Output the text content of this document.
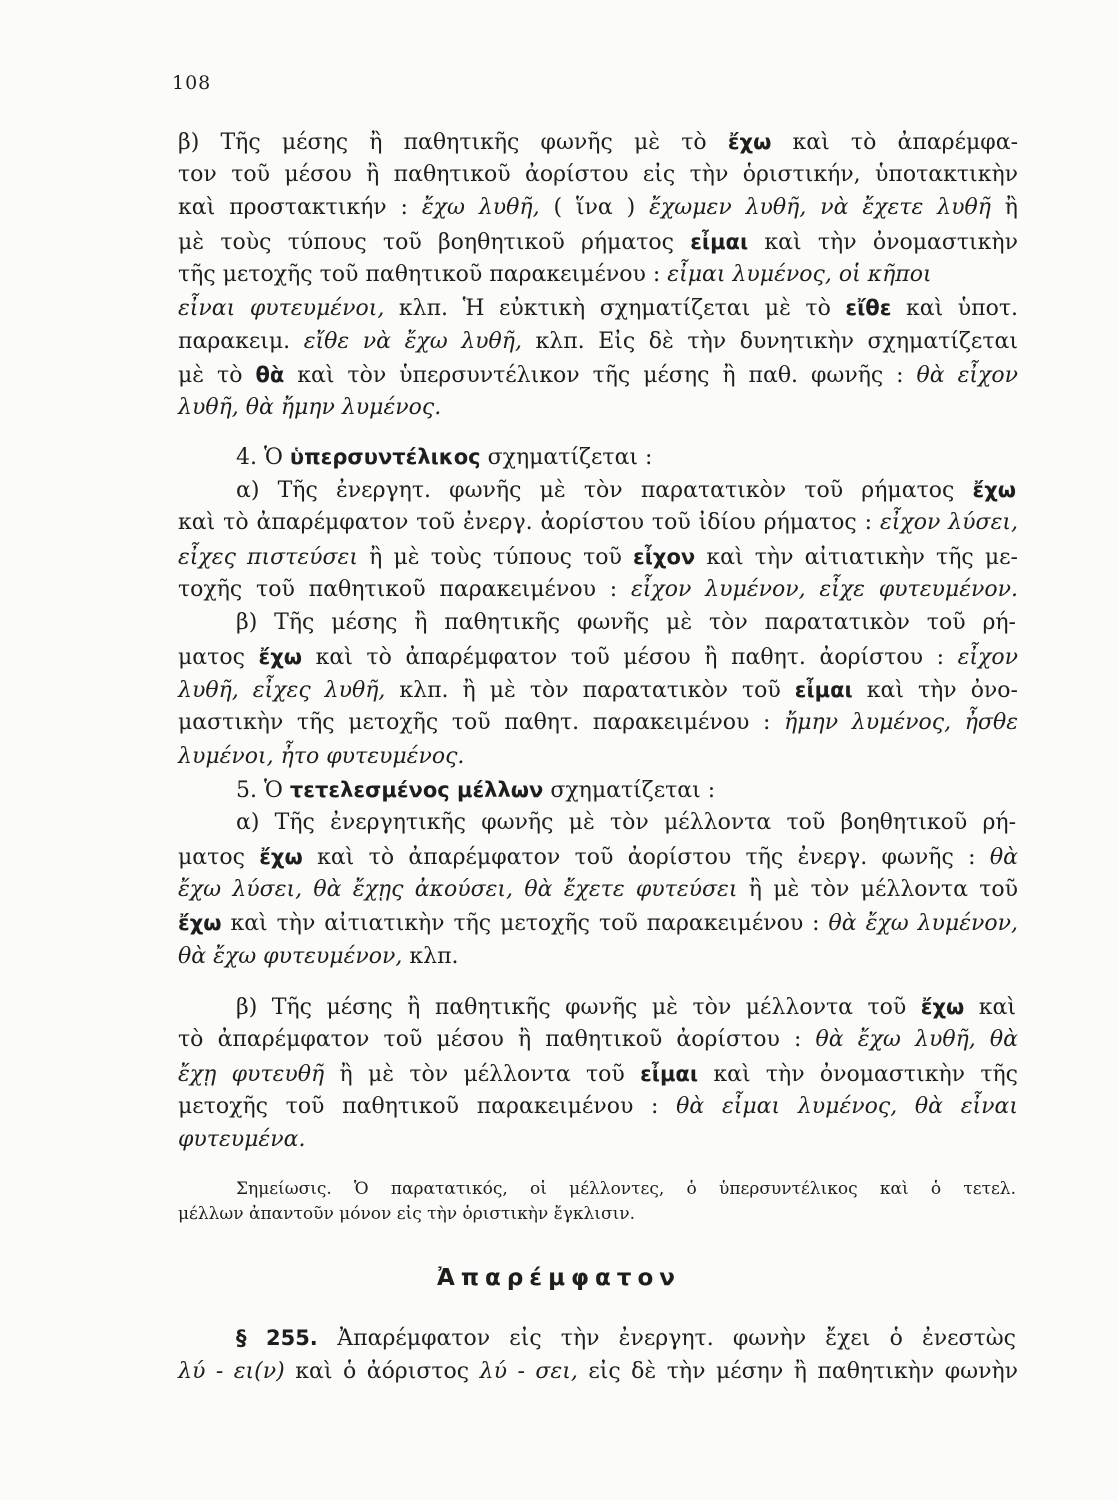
108
β) Τῆς μέσης ἢ παθητικῆς φωνῆς μὲ τὸ ἔχω καὶ τὸ ἀπαρέμφα-
τον τοῦ μέσου ἢ παθητικοῦ ἀορίστου εἰς τὴν ὁριστικήν, ὑποτακτικὴν
καὶ προστακτικήν : ἔχω λυθῆ, ( ἵνα ) ἔχωμεν λυθῆ, νὰ ἔχετε λυθῆ ἢ
μὲ τοὺς τύπους τοῦ βοηθητικοῦ ρήματος εἶμαι καὶ τὴν ὀνομαστικὴν
τῆς μετοχῆς τοῦ παθητικοῦ παρακειμένου : εἶμαι λυμένος, οἱ κῆποι
εἶναι φυτευμένοι, κλπ. Ἡ εὐκτικὴ σχηματίζεται μὲ τὸ εἴθε καὶ ὑποτ.
παρακειμ. εἴθε νὰ ἔχω λυθῆ, κλπ. Εἰς δὲ τὴν δυνητικὴν σχηματίζεται
μὲ τὸ θὰ καὶ τὸν ὑπερσυντέλικον τῆς μέσης ἢ παθ. φωνῆς : θὰ εἶχον
λυθῆ, θὰ ἤμην λυμένος.
4. Ὁ ὑπερσυντέλικος σχηματίζεται :
α) Τῆς ἐνεργητ. φωνῆς μὲ τὸν παρατατικὸν τοῦ ρήματος ἔχω
καὶ τὸ ἀπαρέμφατον τοῦ ἐνεργ. ἀορίστου τοῦ ἰδίου ρήματος : εἶχον λύσει,
εἶχες πιστεύσει ἢ μὲ τοὺς τύπους τοῦ εἶχον καὶ τὴν αἰτιατικὴν τῆς με-
τοχῆς τοῦ παθητικοῦ παρακειμένου : εἶχον λυμένον, εἶχε φυτευμένον.
β) Τῆς μέσης ἢ παθητικῆς φωνῆς μὲ τὸν παρατατικὸν τοῦ ρή-
ματος ἔχω καὶ τὸ ἀπαρέμφατον τοῦ μέσου ἢ παθητ. ἀορίστου : εἶχον
λυθῆ, εἶχες λυθῆ, κλπ. ἢ μὲ τὸν παρατατικὸν τοῦ εἶμαι καὶ τὴν ὀνο-
μαστικὴν τῆς μετοχῆς τοῦ παθητ. παρακειμένου : ἤμην λυμένος, ἦσθε
λυμένοι, ἦτο φυτευμένος.
5. Ὁ τετελεσμένος μέλλων σχηματίζεται :
α) Τῆς ἐνεργητικῆς φωνῆς μὲ τὸν μέλλοντα τοῦ βοηθητικοῦ ρή-
ματος ἔχω καὶ τὸ ἀπαρέμφατον τοῦ ἀορίστου τῆς ἐνεργ. φωνῆς : θὰ
ἔχω λύσει, θὰ ἔχῃς ἀκούσει, θὰ ἔχετε φυτεύσει ἢ μὲ τὸν μέλλοντα τοῦ
ἔχω καὶ τὴν αἰτιατικὴν τῆς μετοχῆς τοῦ παρακειμένου : θὰ ἔχω λυμένον,
θὰ ἔχω φυτευμένον, κλπ.
β) Τῆς μέσης ἢ παθητικῆς φωνῆς μὲ τὸν μέλλοντα τοῦ ἔχω καὶ
τὸ ἀπαρέμφατον τοῦ μέσου ἢ παθητικοῦ ἀορίστου : θὰ ἔχω λυθῆ, θὰ
ἔχῃ φυτευθῆ ἢ μὲ τὸν μέλλοντα τοῦ εἶμαι καὶ τὴν ὀνομαστικὴν τῆς
μετοχῆς τοῦ παθητικοῦ παρακειμένου : θὰ εἶμαι λυμένος, θὰ εἶναι
φυτευμένα.
Σημείωσις. Ὁ παρατατικός, οἱ μέλλοντες, ὁ ὑπερσυντέλικος καὶ ὁ τετελ.
μέλλων ἀπαντοῦν μόνον εἰς τὴν ὁριστικὴν ἔγκλισιν.
§ 255. Ἀπαρέμφατον εἰς τὴν ἐνεργητ. φωνὴν ἔχει ὁ ἐνεστὼς
λύ - ει(ν) καὶ ὁ ἀόριστος λύ - σει, εἰς δὲ τὴν μέσην ἢ παθητικὴν φωνὴν
Ἀπαρέμφατον
